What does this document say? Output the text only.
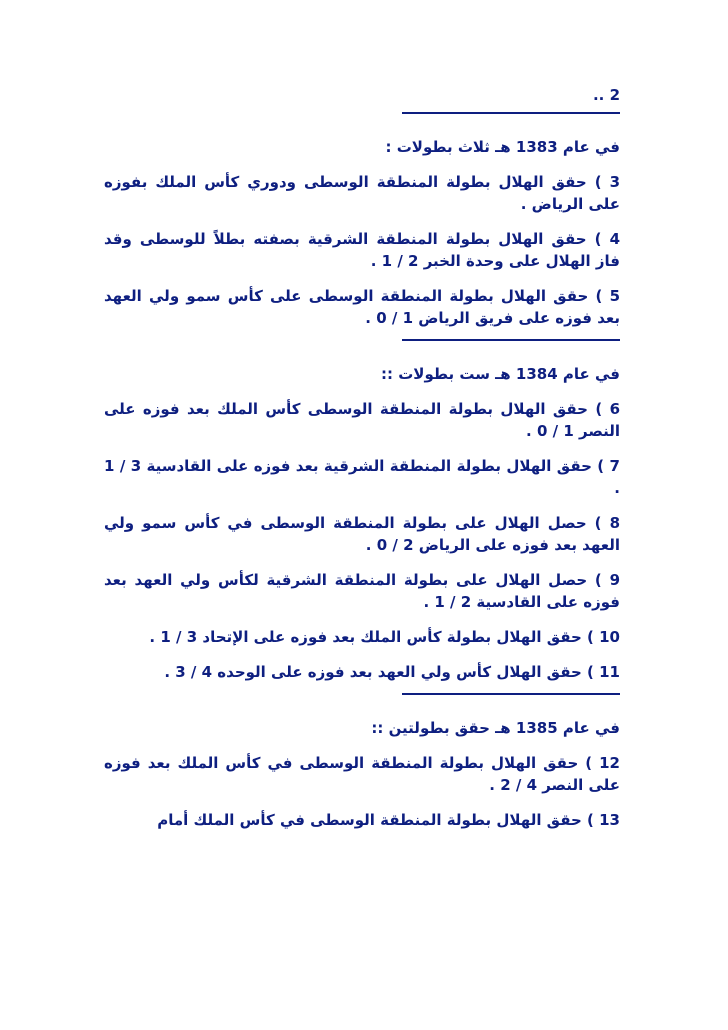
2 ..

في عام 1383 هـ ثلاث بطولات :

3 ) حقق الهلال بطولة المنطقة الوسطى ودوري كأس الملك بفوزه على الرياض .

4 ) حقق الهلال بطولة المنطقة الشرقية بصفته بطلاً للوسطى وقد فاز الهلال على وحدة الخبر 2 / 1 .

5 ) حقق الهلال بطولة المنطقة الوسطى على كأس سمو ولي العهد بعد فوزه على فريق الرياض 1 / 0 .

في عام 1384 هـ ست بطولات ::

6 ) حقق الهلال بطولة المنطقة الوسطى كأس الملك بعد فوزه على النصر 1 / 0 .

7 ) حقق الهلال بطولة المنطقة الشرقية بعد فوزه على القادسية 3 / 1 .

8 ) حصل الهلال على بطولة المنطقة الوسطى في كأس سمو ولي العهد بعد فوزه على الرياض 2 / 0 .

9 ) حصل الهلال على بطولة المنطقة الشرقية لكأس ولي العهد بعد فوزه على القادسية 2 / 1 .

10 ) حقق الهلال بطولة كأس الملك بعد فوزه على الإتحاد 3 / 1 .

11 ) حقق الهلال كأس ولي العهد بعد فوزه على الوحده 4 / 3 .

في عام 1385 هـ حقق بطولتين ::

12 ) حقق الهلال بطولة المنطقة الوسطى في كأس الملك بعد فوزه على النصر 4 / 2 .

13 ) حقق الهلال بطولة المنطقة الوسطى في كأس الملك أمام
